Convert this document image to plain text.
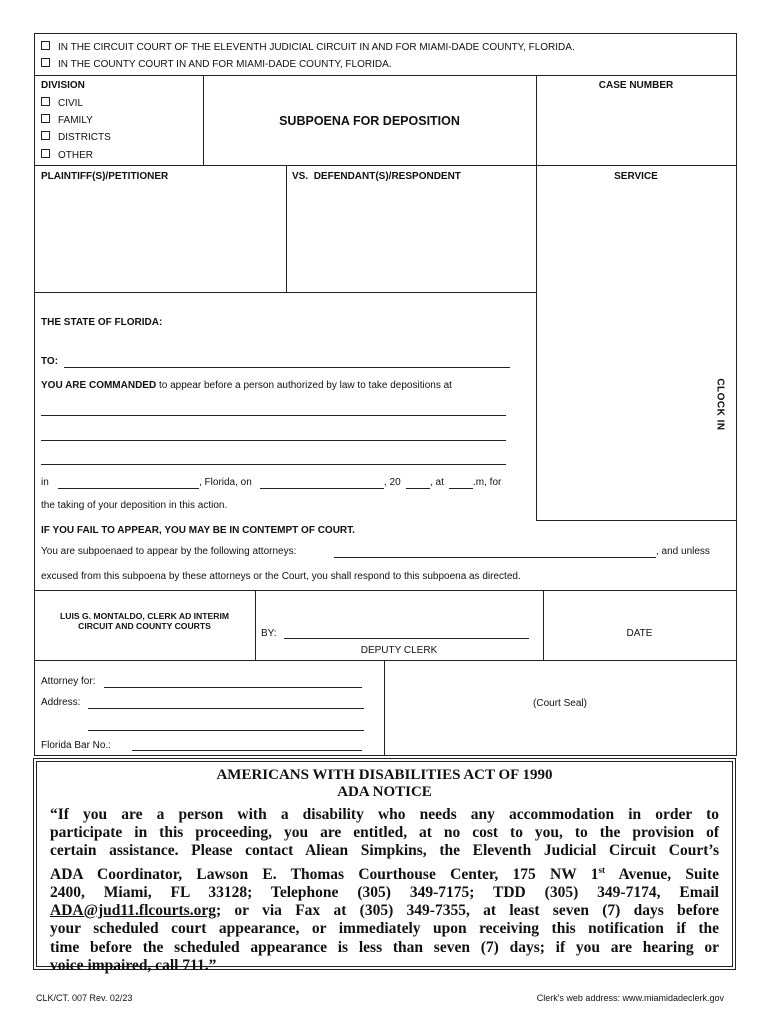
IN THE CIRCUIT COURT OF THE ELEVENTH JUDICIAL CIRCUIT IN AND FOR MIAMI-DADE COUNTY, FLORIDA.
IN THE COUNTY COURT IN AND FOR MIAMI-DADE COUNTY, FLORIDA.
DIVISION
CIVIL
FAMILY
DISTRICTS
OTHER
SUBPOENA FOR DEPOSITION
CASE NUMBER
PLAINTIFF(S)/PETITIONER	VS. DEFENDANT(S)/RESPONDENT	SERVICE
CLOCK IN
THE STATE OF FLORIDA:
TO:
YOU ARE COMMANDED to appear before a person authorized by law to take depositions at
in	, Florida, on	, 20	, at	.m, for
the taking of your deposition in this action.
IF YOU FAIL TO APPEAR, YOU MAY BE IN CONTEMPT OF COURT.
You are subpoenaed to appear by the following attorneys:	, and unless
excused from this subpoena by these attorneys or the Court, you shall respond to this subpoena as directed.
LUIS G. MONTALDO, CLERK AD INTERIM
CIRCUIT AND COUNTY COURTS
BY:
DEPUTY CLERK
DATE
Attorney for:
Address:
Florida Bar No.:
(Court Seal)
AMERICANS WITH DISABILITIES ACT OF 1990
ADA NOTICE
“If you are a person with a disability who needs any accommodation in order to
participate in this proceeding, you are entitled, at no cost to you, to the provision of
certain assistance. Please contact Aliean Simpkins, the Eleventh Judicial Circuit Court’s
ADA Coordinator, Lawson E. Thomas Courthouse Center, 175 NW 1st Avenue, Suite
2400, Miami, FL 33128; Telephone (305) 349-7175; TDD (305) 349-7174, Email
ADA@jud11.flcourts.org; or via Fax at (305) 349-7355, at least seven (7) days before
your scheduled court appearance, or immediately upon receiving this notification if the
time before the scheduled appearance is less than seven (7) days; if you are hearing or
voice impaired, call 711.”
CLK/CT. 007 Rev. 02/23	Clerk's web address: www.miamidadeclerk.gov
